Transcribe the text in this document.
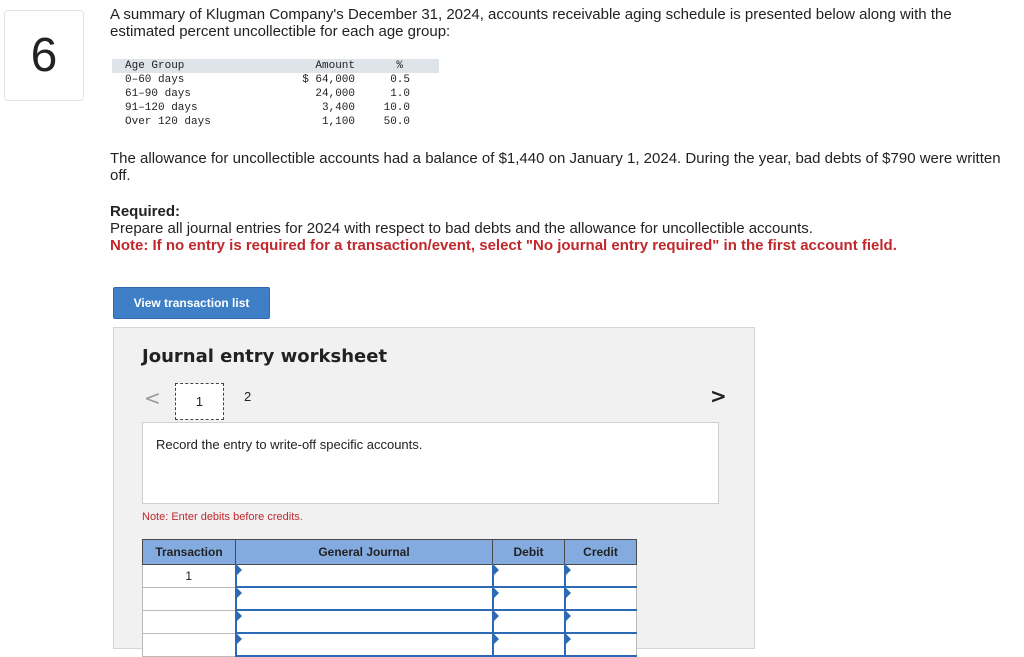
6
A summary of Klugman Company's December 31, 2024, accounts receivable aging schedule is presented below along with the estimated percent uncollectible for each age group:
Age Group	Amount	%
0–60 days	$ 64,000	0.5
61–90 days	24,000	1.0
91–120 days	3,400	10.0
Over 120 days	1,100	50.0
The allowance for uncollectible accounts had a balance of $1,440 on January 1, 2024. During the year, bad debts of $790 were written off.
Required:
Prepare all journal entries for 2024 with respect to bad debts and the allowance for uncollectible accounts.
Note: If no entry is required for a transaction/event, select "No journal entry required" in the first account field.
View transaction list
Journal entry worksheet
<	1	2	>
Record the entry to write-off specific accounts.
Note: Enter debits before credits.
Transaction	General Journal	Debit	Credit
1			
